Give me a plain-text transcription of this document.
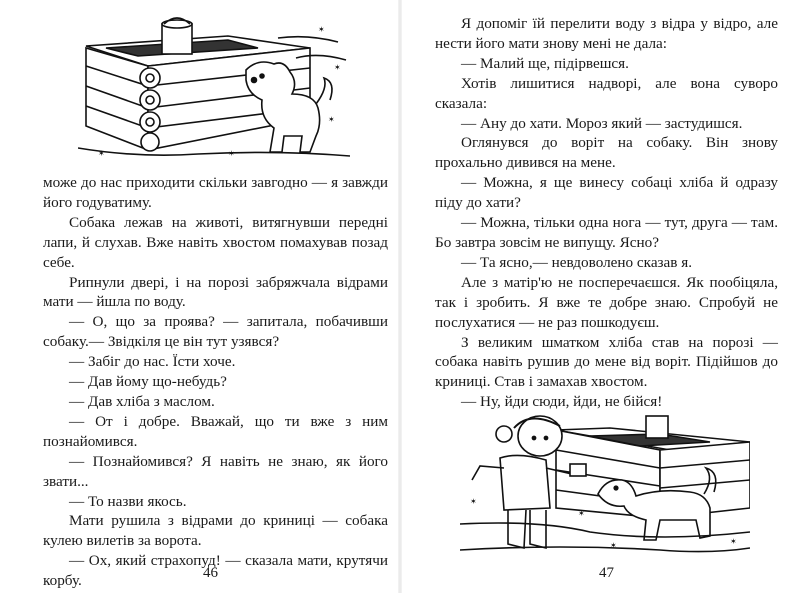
✶
✶
✶
✶	✶

може до нас приходити скільки завгодно — я завжди його годуватиму.

Собака лежав на животі, витягнувши передні лапи, й слухав. Вже навіть хвостом помахував позад себе.

Рипнули двері, і на порозі забряжчала відрами мати — йшла по воду.

— О, що за проява? — запитала, побачивши собаку.— Звідкіля це він тут узявся?

— Забіг до нас. Їсти хоче.

— Дав йому що-небудь?

— Дав хліба з маслом.

— От і добре. Вважай, що ти вже з ним познайомився.

— Познайомився? Я навіть не знаю, як його звати...

— То назви якось.

Мати рушила з відрами до криниці — собака кулею вилетів за ворота.

— Ох, який страхопуд! — сказала мати, крутячи корбу.	46

Я допоміг їй перелити воду з відра у відро, але нести його мати знову мені не дала:

— Малий ще, підірвешся.

Хотів лишитися надворі, але вона суворо сказала:

— Ану до хати. Мороз який — застудишся.

Оглянувся до воріт на собаку. Він знову прохально дивився на мене.

— Можна, я ще винесу собаці хліба й одразу піду до хати?

— Можна, тільки одна нога — тут, друга — там. Бо завтра зовсім не випущу. Ясно?

— Та ясно,— невдоволено сказав я.

Але з матір'ю не посперечаєшся. Як пообіцяла, так і зробить. Я вже те добре знаю. Спробуй не послухатися — не раз пошкодуєш.

З великим шматком хліба став на порозі — собака навіть рушив до мене від воріт. Підійшов до криниці. Став і замахав хвостом.

— Ну, йди сюди, йди, не бійся!

✶
✶
✶	✶
47
